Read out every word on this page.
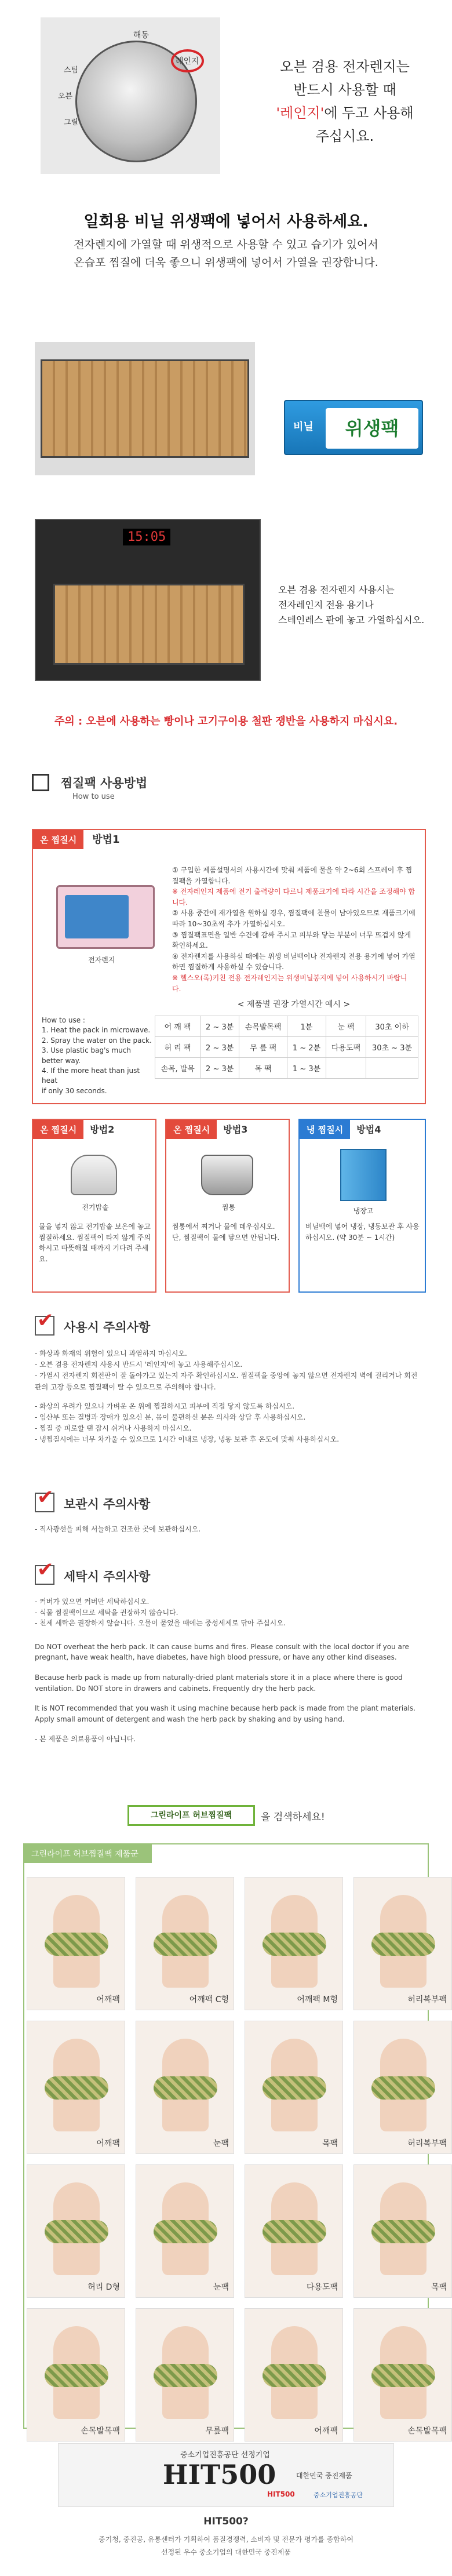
해동
레인지
스팀
오븐
그릴
오븐 겸용 전자렌지는
반드시 사용할 때
'레인지'에 두고 사용해
주십시요.
일회용 비닐 위생팩에 넣어서 사용하세요.
전자렌지에 가열할 때 위생적으로 사용할 수 있고 습기가 있어서
온습포 찜질에 더욱 좋으니 위생팩에 넣어서 가열을 권장합니다.
비닐	위생팩
15:05
오븐 겸용 전자렌지 사용시는
전자레인지 전용 용기나
스테인레스 판에 놓고 가열하십시오.
주의 : 오븐에 사용하는 빵이나 고기구이용 철판 쟁반을 사용하지 마십시요.
찜질팩 사용방법
How to use
온 찜질시 방법1
전자렌지
① 구입한 제품설명서의 사용시간에 맞춰 제품에 물을 약 2~6회 스프레이 후 찜질팩을 가열합니다.
※ 전자레인지 제품에 전기 출력량이 다르니 제품크기에 따라 시간을 조정해야 합니다.
② 사용 중간에 재가열을 원하실 경우, 찜질팩에 찬물이 남아있으므로 재품크기에 따라 10~30초씩 추가 가열하십시오.
③ 찜질팩표면을 일반 수건에 감싸 주시고 피부와 닿는 부분이 너무 뜨겁지 않게 확인하세요.
④ 전자렌지를 사용하실 때에는 위생 비닐백이나 전자렌지 전용 용기에 넣어 가열하면 찜질하게 사용하실 수 있습니다.
※ 헬스오(록)키친 전용 전자레인지는 위생비닐봉지에 넣어 사용하시기 바랍니다.
< 제품별 권장 가열시간 예시 >
How to use :
1. Heat the pack in microwave.
2. Spray the water on the pack.
3. Use plastic bag's much better way.
4. If the more heat than just heat
if only 30 seconds.
어 깨 팩	2 ~ 3분	손목발목팩	1분	눈 팩	30초 이하
허 리 팩	2 ~ 3분	무 릎 팩	1 ~ 2분	다용도팩	30초 ~ 3분
손목, 발목	2 ~ 3분	목 팩	1 ~ 3분		
온 찜질시 방법2
전기밥솥
물을 넣지 않고 전기밥솥 보온에 놓고 찜질하세요. 찜질팩이 타지 않게 주의하시고 따뜻해질 때까지 기다려 주세요.
온 찜질시 방법3
찜통
찜통에서 찌거나 물에 데우십시오. 단, 찜질팩이 물에 닿으면 안됩니다.
냉 찜질시 방법4
냉장고
비닐백에 넣어 냉장, 냉동보관 후 사용하십시오. (약 30분 ~ 1시간)
✔
사용시 주의사항
- 화상과 화재의 위험이 있으니 과열하지 마십시오.
- 오븐 겸용 전자렌지 사용시 반드시 '레인지'에 놓고 사용해주십시오.
- 가열시 전자렌지 회전판이 잘 돌아가고 있는지 자주 확인하십시오. 찜질팩을 중앙에 놓지 않으면 전자렌지 벽에 걸리거나 회전판의 고장 등으로 찜질팩이 탈 수 있으므로 주의해야 합니다.
- 화상의 우려가 있으니 가벼운 온 위에 찜질하시고 피부에 직접 닿지 않도록 하십시오.
- 임산부 또는 질병과 장애가 있으신 분, 몸이 불편하신 분은 의사와 상담 후 사용하십시오.
- 찜질 중 피로할 땐 잠시 쉬거나 사용하지 마십시오.
- 냉찜질시에는 너무 차가울 수 있으므로 1시간 이내로 냉장, 냉동 보관 후 온도에 맞춰 사용하십시오.
✔
보관시 주의사항
- 직사광선을 피해 서늘하고 건조한 곳에 보관하십시오.
✔
세탁시 주의사항
- 커버가 있으면 커버만 세탁하십시오.
- 식물 찜질팩이므로 세탁을 권장하지 않습니다.
- 천제 세탁은 권장하지 않습니다. 오물이 묻었을 때에는 중성세제로 닦아 주십시오.

Do NOT overheat the herb pack. It can cause burns and fires. Please consult with the local doctor if you are pregnant, have weak health, have diabetes, have high blood pressure, or have any other kind diseases.

Because herb pack is made up from naturally-dried plant materials store it in a place where there is good ventilation. Do NOT store in drawers and cabinets. Frequently dry the herb pack.

It is NOT recommended that you wash it using machine because herb pack is made from the plant materials. Apply small amount of detergent and wash the herb pack by shaking and by using hand.

- 본 제품은 의료용품이 아닙니다.

그린라이프 허브찜질팩	을 검색하세요!
그린라이프 허브찜질팩 제품군
어깨팩	어깨팩 C형	어깨팩 M형	허리복부팩
어깨팩	눈팩	목팩	허리복부팩
허리 D형	눈팩	다용도팩	목팩
손목발목팩	무릎팩	어깨팩	손목발목팩
중소기업진흥공단 선정기업
HIT500	대한민국 중진제품
HIT500	중소기업진흥공단
HIT500?
중기청, 중진공, 유통센터가 기획하여 품질경쟁력, 소비자 및 전문가 평가를 종합하여
선정된 우수 중소기업의 대한민국 중진제품
